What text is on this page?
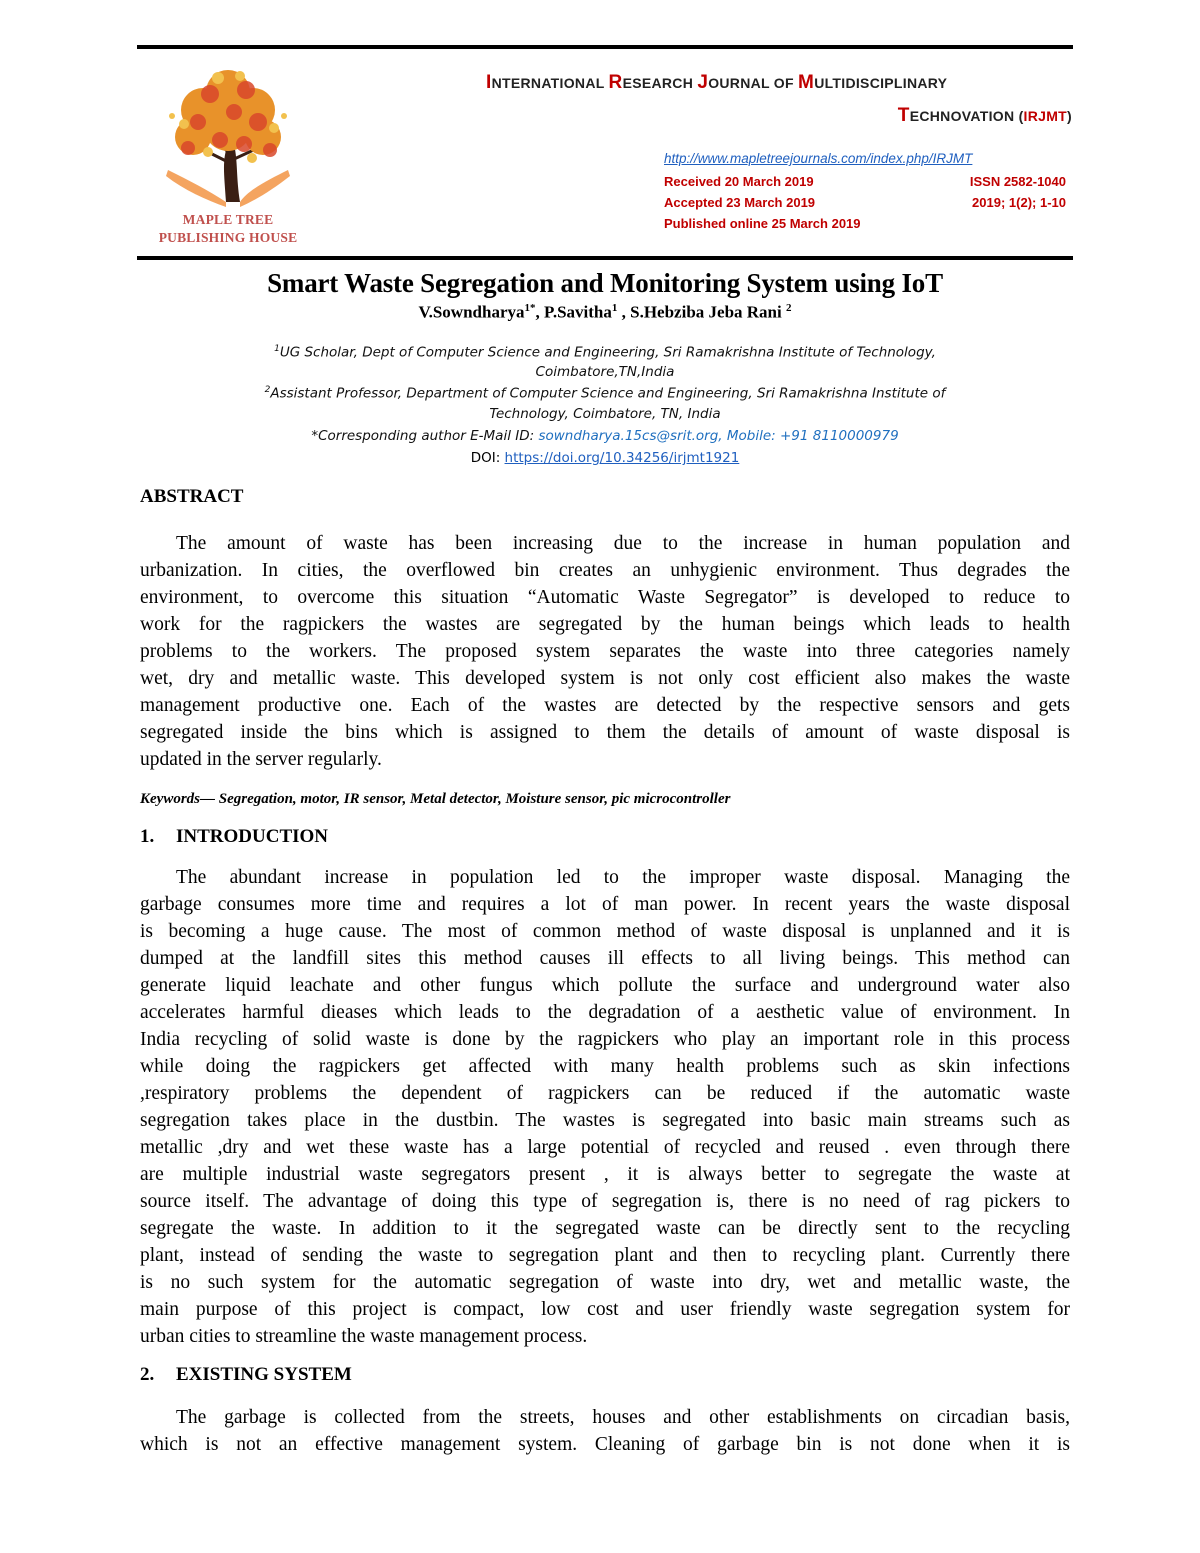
MAPLE TREE
PUBLISHING HOUSE
INTERNATIONAL RESEARCH JOURNAL OF MULTIDISCIPLINARY
TECHNOVATION (IRJMT)
http://www.mapletreejournals.com/index.php/IRJMT
Received 20 March 2019	ISSN 2582-1040
Accepted 23 March 2019	2019; 1(2); 1-10
Published online 25 March 2019
Smart Waste Segregation and Monitoring System using IoT
V.Sowndharya$^{1*}$, P.Savitha$^1$ , S.Hebziba Jeba Rani $^2$
$^1$UG Scholar, Dept of Computer Science and Engineering, Sri Ramakrishna Institute of Technology,
Coimbatore,TN,India
$^2$Assistant Professor, Department of Computer Science and Engineering, Sri Ramakrishna Institute of
Technology, Coimbatore, TN, India
*Corresponding author E-Mail ID: sowndharya.15cs@srit.org, Mobile: +91 8110000979
DOI: https://doi.org/10.34256/irjmt1921
ABSTRACT
The amount of waste has been increasing due to the increase in human population and
urbanization. In cities, the overflowed bin creates an unhygienic environment. Thus degrades the
environment, to overcome this situation “Automatic Waste Segregator” is developed to reduce to
work for the ragpickers the wastes are segregated by the human beings which leads to health
problems to the workers. The proposed system separates the waste into three categories namely
wet, dry and metallic waste. This developed system is not only cost efficient also makes the waste
management productive one. Each of the wastes are detected by the respective sensors and gets
segregated inside the bins which is assigned to them the details of amount of waste disposal is
updated in the server regularly.
Keywords— Segregation, motor, IR sensor, Metal detector, Moisture sensor, pic microcontroller
1. INTRODUCTION
The abundant increase in population led to the improper waste disposal. Managing the
garbage consumes more time and requires a lot of man power. In recent years the waste disposal
is becoming a huge cause. The most of common method of waste disposal is unplanned and it is
dumped at the landfill sites this method causes ill effects to all living beings. This method can
generate liquid leachate and other fungus which pollute the surface and underground water also
accelerates harmful dieases which leads to the degradation of a aesthetic value of environment. In
India recycling of solid waste is done by the ragpickers who play an important role in this process
while doing the ragpickers get affected with many health problems such as skin infections
,respiratory problems the dependent of ragpickers can be reduced if the automatic waste
segregation takes place in the dustbin. The wastes is segregated into basic main streams such as
metallic ,dry and wet these waste has a large potential of recycled and reused . even through there
are multiple industrial waste segregators present , it is always better to segregate the waste at
source itself. The advantage of doing this type of segregation is, there is no need of rag pickers to
segregate the waste. In addition to it the segregated waste can be directly sent to the recycling
plant, instead of sending the waste to segregation plant and then to recycling plant. Currently there
is no such system for the automatic segregation of waste into dry, wet and metallic waste, the
main purpose of this project is compact, low cost and user friendly waste segregation system for
urban cities to streamline the waste management process.
2. EXISTING SYSTEM
The garbage is collected from the streets, houses and other establishments on circadian basis,
which is not an effective management system. Cleaning of garbage bin is not done when it is
